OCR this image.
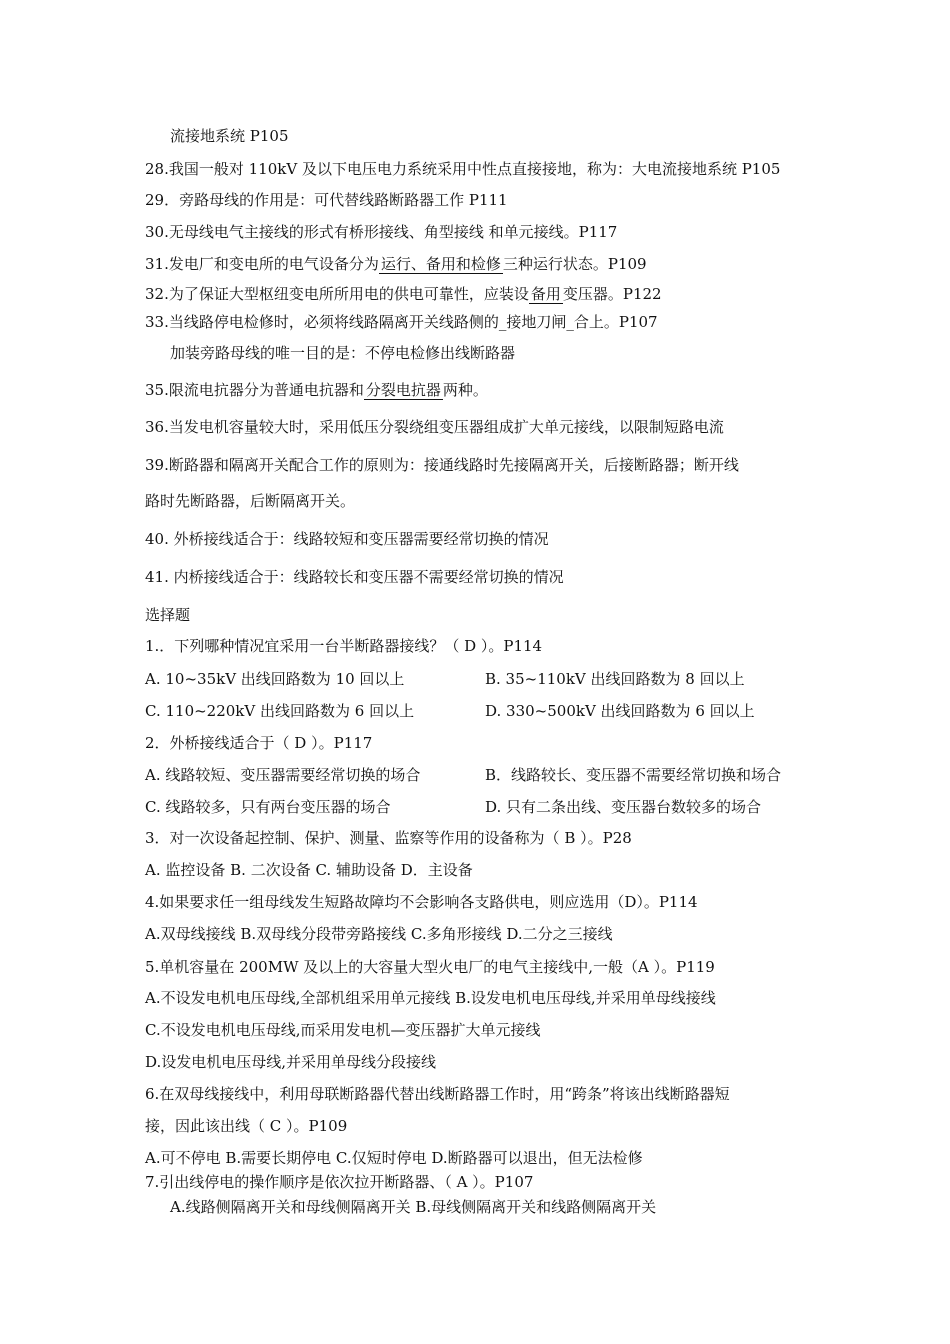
流接地系统 P105
28.我国一般对 110kV 及以下电压电力系统采用中性点直接接地，称为：大电流接地系统 P105
29．旁路母线的作用是：可代替线路断路器工作 P111
30.无母线电气主接线的形式有桥形接线、角型接线 和单元接线。P117
31.发电厂和变电所的电气设备分为 运行、备用和检修 三种运行状态。P109
32.为了保证大型枢纽变电所所用电的供电可靠性，应装设 备用 变压器。P122
33.当线路停电检修时，必须将线路隔离开关线路侧的_接地刀闸_合上。P107
加装旁路母线的唯一目的是：不停电检修出线断路器
35.限流电抗器分为普通电抗器和 分裂电抗器 两种。
36.当发电机容量较大时，采用低压分裂绕组变压器组成扩大单元接线，以限制短路电流
39.断路器和隔离开关配合工作的原则为：接通线路时先接隔离开关，后接断路器；断开线
路时先断路器，后断隔离开关。
40. 外桥接线适合于：线路较短和变压器需要经常切换的情况
41. 内桥接线适合于：线路较长和变压器不需要经常切换的情况
选择题
1.．下列哪种情况宜采用一台半断路器接线？（ D ）。P114
A. 10~35kV 出线回路数为 10 回以上	B. 35~110kV 出线回路数为 8 回以上
C. 110~220kV 出线回路数为 6 回以上	D. 330~500kV 出线回路数为 6 回以上
2．外桥接线适合于（ D ）。P117
A. 线路较短、变压器需要经常切换的场合	B．线路较长、变压器不需要经常切换和场合
C. 线路较多，只有两台变压器的场合	D. 只有二条出线、变压器台数较多的场合
3．对一次设备起控制、保护、测量、监察等作用的设备称为（ B ）。P28
A. 监控设备 B. 二次设备 C. 辅助设备 D．主设备
4.如果要求任一组母线发生短路故障均不会影响各支路供电，则应选用（D）。P114
A.双母线接线 B.双母线分段带旁路接线 C.多角形接线 D.二分之三接线
5.单机容量在 200MW 及以上的大容量大型火电厂的电气主接线中,一般（A ）。P119
A.不设发电机电压母线,全部机组采用单元接线 B.设发电机电压母线,并采用单母线接线
C.不设发电机电压母线,而采用发电机—变压器扩大单元接线
D.设发电机电压母线,并采用单母线分段接线
6.在双母线接线中，利用母联断路器代替出线断路器工作时，用“跨条”将该出线断路器短
接，因此该出线（ C ）。P109
A.可不停电 B.需要长期停电 C.仅短时停电 D.断路器可以退出，但无法检修
7.引出线停电的操作顺序是依次拉开断路器、（ A ）。P107
A.线路侧隔离开关和母线侧隔离开关 B.母线侧隔离开关和线路侧隔离开关
